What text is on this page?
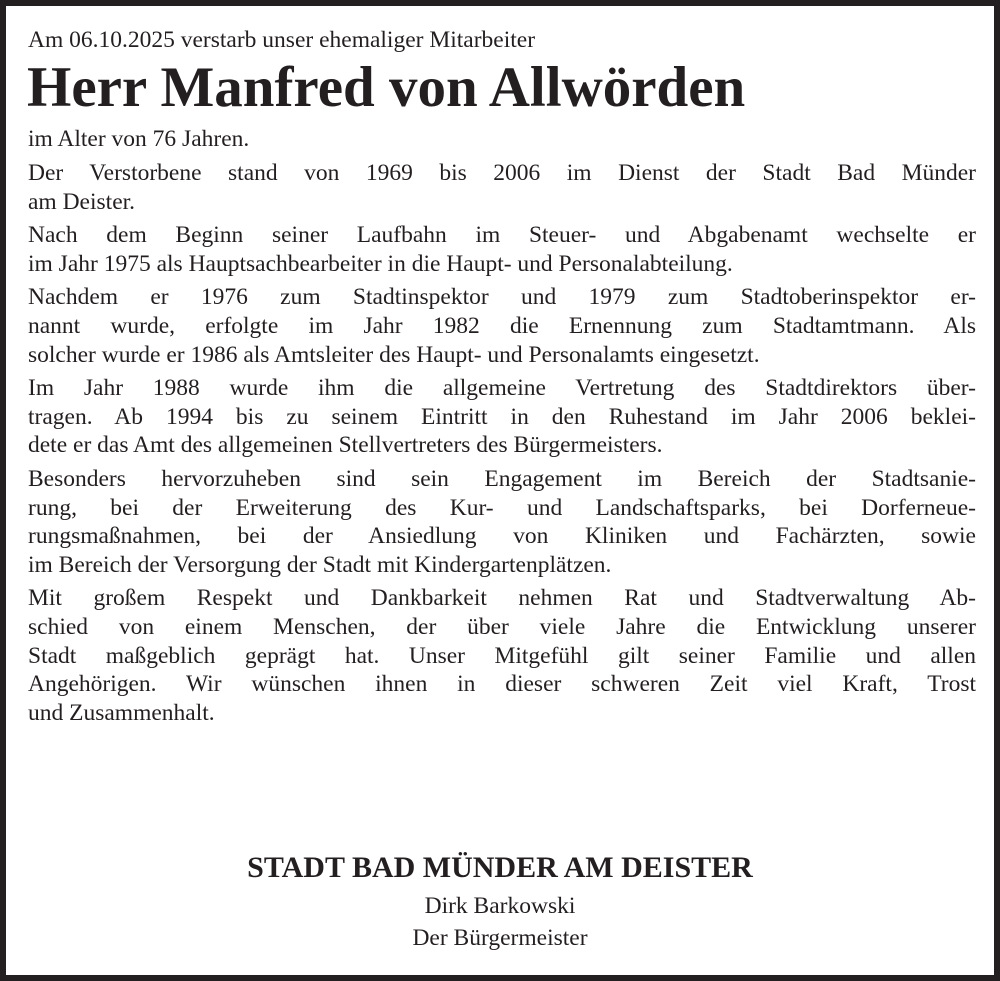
Am 06.10.2025 verstarb unser ehemaliger Mitarbeiter

Herr Manfred von Allwörden

im Alter von 76 Jahren.

Der Verstorbene stand von 1969 bis 2006 im Dienst der Stadt Bad Münder
am Deister.
Nach dem Beginn seiner Laufbahn im Steuer- und Abgabenamt wechselte er
im Jahr 1975 als Hauptsachbearbeiter in die Haupt- und Personalabteilung.
Nachdem er 1976 zum Stadtinspektor und 1979 zum Stadtoberinspektor er-
nannt wurde, erfolgte im Jahr 1982 die Ernennung zum Stadtamtmann. Als
solcher wurde er 1986 als Amtsleiter des Haupt- und Personalamts eingesetzt.
Im Jahr 1988 wurde ihm die allgemeine Vertretung des Stadtdirektors über-
tragen. Ab 1994 bis zu seinem Eintritt in den Ruhestand im Jahr 2006 beklei-
dete er das Amt des allgemeinen Stellvertreters des Bürgermeisters.
Besonders hervorzuheben sind sein Engagement im Bereich der Stadtsanie-
rung, bei der Erweiterung des Kur- und Landschaftsparks, bei Dorferneue-
rungsmaßnahmen, bei der Ansiedlung von Kliniken und Fachärzten, sowie
im Bereich der Versorgung der Stadt mit Kindergartenplätzen.
Mit großem Respekt und Dankbarkeit nehmen Rat und Stadtverwaltung Ab-
schied von einem Menschen, der über viele Jahre die Entwicklung unserer
Stadt maßgeblich geprägt hat. Unser Mitgefühl gilt seiner Familie und allen
Angehörigen. Wir wünschen ihnen in dieser schweren Zeit viel Kraft, Trost
und Zusammenhalt.

STADT BAD MÜNDER AM DEISTER

Dirk Barkowski

Der Bürgermeister
